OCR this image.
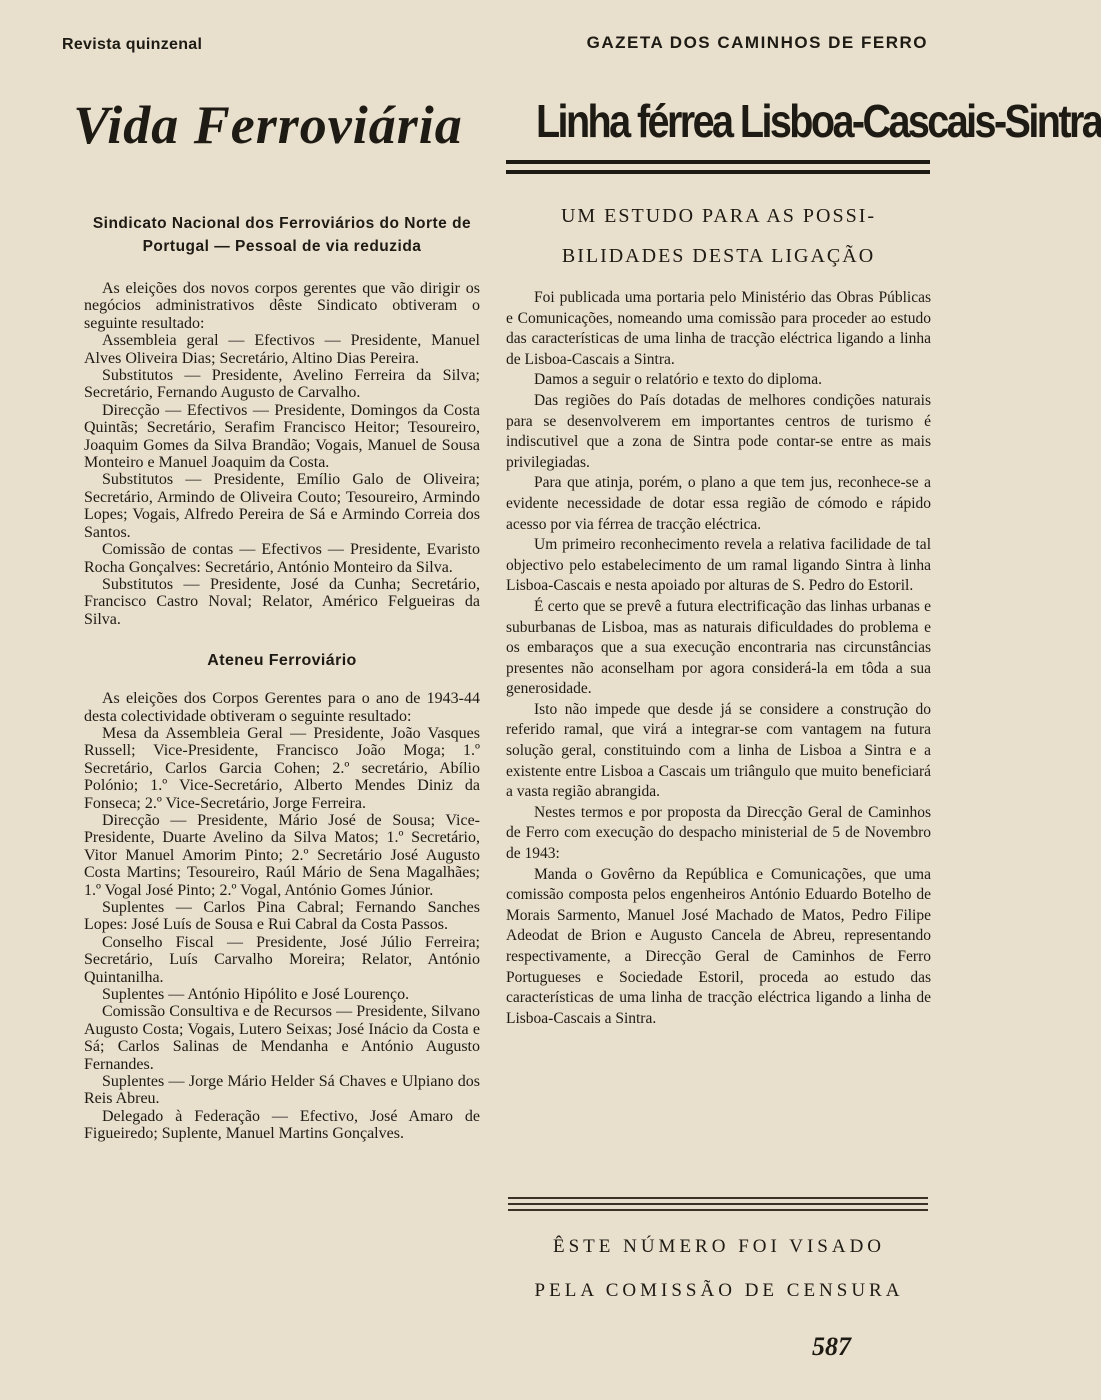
Revista quinzenal	GAZETA DOS CAMINHOS DE FERRO
Vida Ferroviária	Linha férrea Lisboa-Cascais-Sintra
Sindicato Nacional dos Ferroviários do Norte de Portugal — Pessoal de via reduzida

As eleições dos novos corpos gerentes que vão dirigir os negócios administrativos dêste Sindicato obtiveram o seguinte resultado:

Assembleia geral — Efectivos — Presidente, Manuel Alves Oliveira Dias; Secretário, Altino Dias Pereira.

Substitutos — Presidente, Avelino Ferreira da Silva; Secretário, Fernando Augusto de Carvalho.

Direcção — Efectivos — Presidente, Domingos da Costa Quintãs; Secretário, Serafim Francisco Heitor; Tesoureiro, Joaquim Gomes da Silva Brandão; Vogais, Manuel de Sousa Monteiro e Manuel Joaquim da Costa.

Substitutos — Presidente, Emílio Galo de Oliveira; Secretário, Armindo de Oliveira Couto; Tesoureiro, Armindo Lopes; Vogais, Alfredo Pereira de Sá e Armindo Correia dos Santos.

Comissão de contas — Efectivos — Presidente, Evaristo Rocha Gonçalves: Secretário, António Monteiro da Silva.

Substitutos — Presidente, José da Cunha; Secretário, Francisco Castro Noval; Relator, Américo Felgueiras da Silva.

Ateneu Ferroviário

As eleições dos Corpos Gerentes para o ano de 1943-44 desta colectividade obtiveram o seguinte resultado:

Mesa da Assembleia Geral — Presidente, João Vasques Russell; Vice-Presidente, Francisco João Moga; 1.º Secretário, Carlos Garcia Cohen; 2.º secretário, Abílio Polónio; 1.º Vice-Secretário, Alberto Mendes Diniz da Fonseca; 2.º Vice-Secretário, Jorge Ferreira.

Direcção — Presidente, Mário José de Sousa; Vice-Presidente, Duarte Avelino da Silva Matos; 1.º Secretário, Vitor Manuel Amorim Pinto; 2.º Secretário José Augusto Costa Martins; Tesoureiro, Raúl Mário de Sena Magalhães; 1.º Vogal José Pinto; 2.º Vogal, António Gomes Júnior.

Suplentes — Carlos Pina Cabral; Fernando Sanches Lopes: José Luís de Sousa e Rui Cabral da Costa Passos.

Conselho Fiscal — Presidente, José Júlio Ferreira; Secretário, Luís Carvalho Moreira; Relator, António Quintanilha.

Suplentes — António Hipólito e José Lourenço.

Comissão Consultiva e de Recursos — Presidente, Silvano Augusto Costa; Vogais, Lutero Seixas; José Inácio da Costa e Sá; Carlos Salinas de Mendanha e António Augusto Fernandes.

Suplentes — Jorge Mário Helder Sá Chaves e Ulpiano dos Reis Abreu.

Delegado à Federação — Efectivo, José Amaro de Figueiredo; Suplente, Manuel Martins Gonçalves.

UM ESTUDO PARA AS POSSI-
BILIDADES DESTA LIGAÇÃO

Foi publicada uma portaria pelo Ministério das Obras Públicas e Comunicações, nomeando uma comissão para proceder ao estudo das características de uma linha de tracção eléctrica ligando a linha de Lisboa-Cascais a Sintra.

Damos a seguir o relatório e texto do diploma.

Das regiões do País dotadas de melhores condições naturais para se desenvolverem em importantes centros de turismo é indiscutivel que a zona de Sintra pode contar-se entre as mais privilegiadas.

Para que atinja, porém, o plano a que tem jus, reconhece-se a evidente necessidade de dotar essa região de cómodo e rápido acesso por via férrea de tracção eléctrica.

Um primeiro reconhecimento revela a relativa facilidade de tal objectivo pelo estabelecimento de um ramal ligando Sintra à linha Lisboa-Cascais e nesta apoiado por alturas de S. Pedro do Estoril.

É certo que se prevê a futura electrificação das linhas urbanas e suburbanas de Lisboa, mas as naturais dificuldades do problema e os embaraços que a sua execução encontraria nas circunstâncias presentes não aconselham por agora considerá-la em tôda a sua generosidade.

Isto não impede que desde já se considere a construção do referido ramal, que virá a integrar-se com vantagem na futura solução geral, constituindo com a linha de Lisboa a Sintra e a existente entre Lisboa a Cascais um triângulo que muito beneficiará a vasta região abrangida.

Nestes termos e por proposta da Direcção Geral de Caminhos de Ferro com execução do despacho ministerial de 5 de Novembro de 1943:

Manda o Govêrno da República e Comunicações, que uma comissão composta pelos engenheiros António Eduardo Botelho de Morais Sarmento, Manuel José Machado de Matos, Pedro Filipe Adeodat de Brion e Augusto Cancela de Abreu, representando respectivamente, a Direcção Geral de Caminhos de Ferro Portugueses e Sociedade Estoril, proceda ao estudo das características de uma linha de tracção eléctrica ligando a linha de Lisboa-Cascais a Sintra.

ÊSTE NÚMERO FOI VISADO
PELA COMISSÃO DE CENSURA
587
